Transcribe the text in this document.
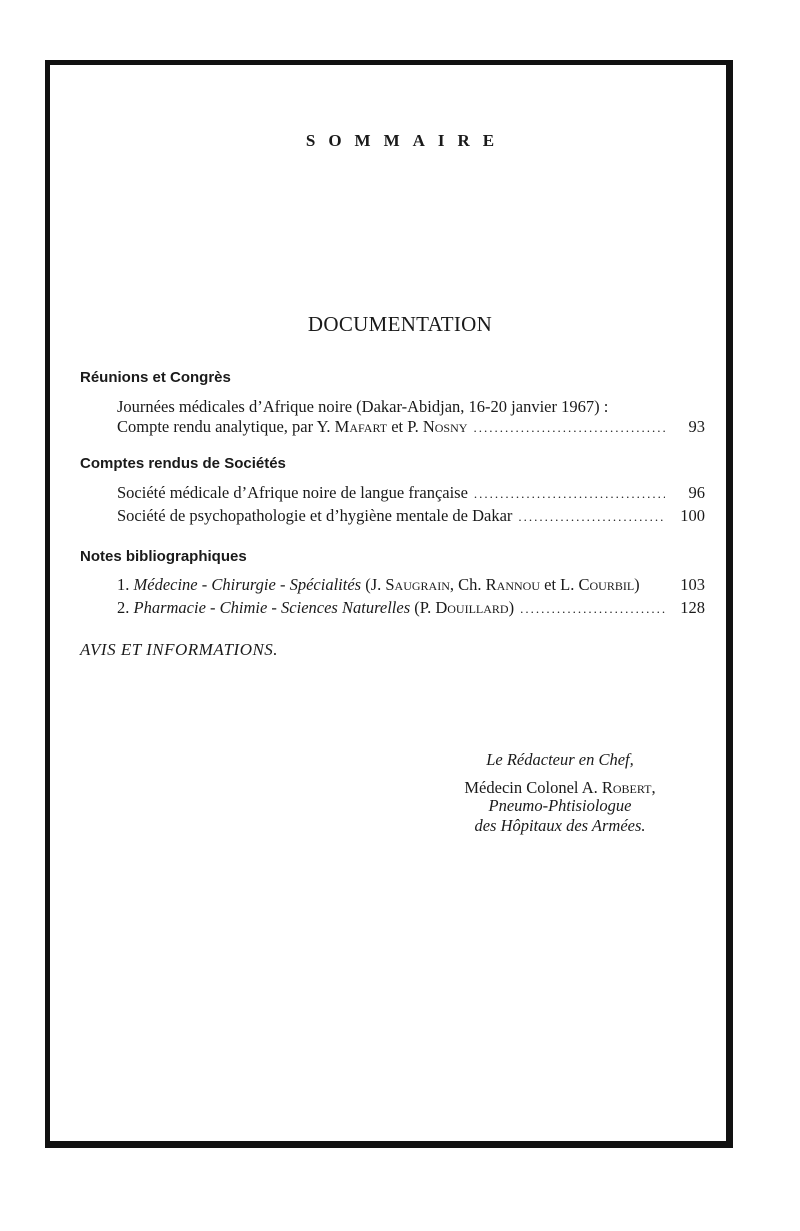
SOMMAIRE
DOCUMENTATION
Réunions et Congrès
Journées médicales d’Afrique noire (Dakar-Abidjan, 16-20 janvier 1967) :
Compte rendu analytique, par Y. Mafart et P. Nosny .....	93
Comptes rendus de Sociétés
Société médicale d’Afrique noire de langue française .....	96
Société de psychopathologie et d’hygiène mentale de Dakar .....	100
Notes bibliographiques
1. Médecine - Chirurgie - Spécialités (J. Saugrain, Ch. Rannou et L. Courbil)	103
2. Pharmacie - Chimie - Sciences Naturelles (P. Douillard) .....	128
AVIS ET INFORMATIONS.
Le Rédacteur en Chef,
Médecin Colonel A. Robert,
Pneumo-Phtisiologue
des Hôpitaux des Armées.
